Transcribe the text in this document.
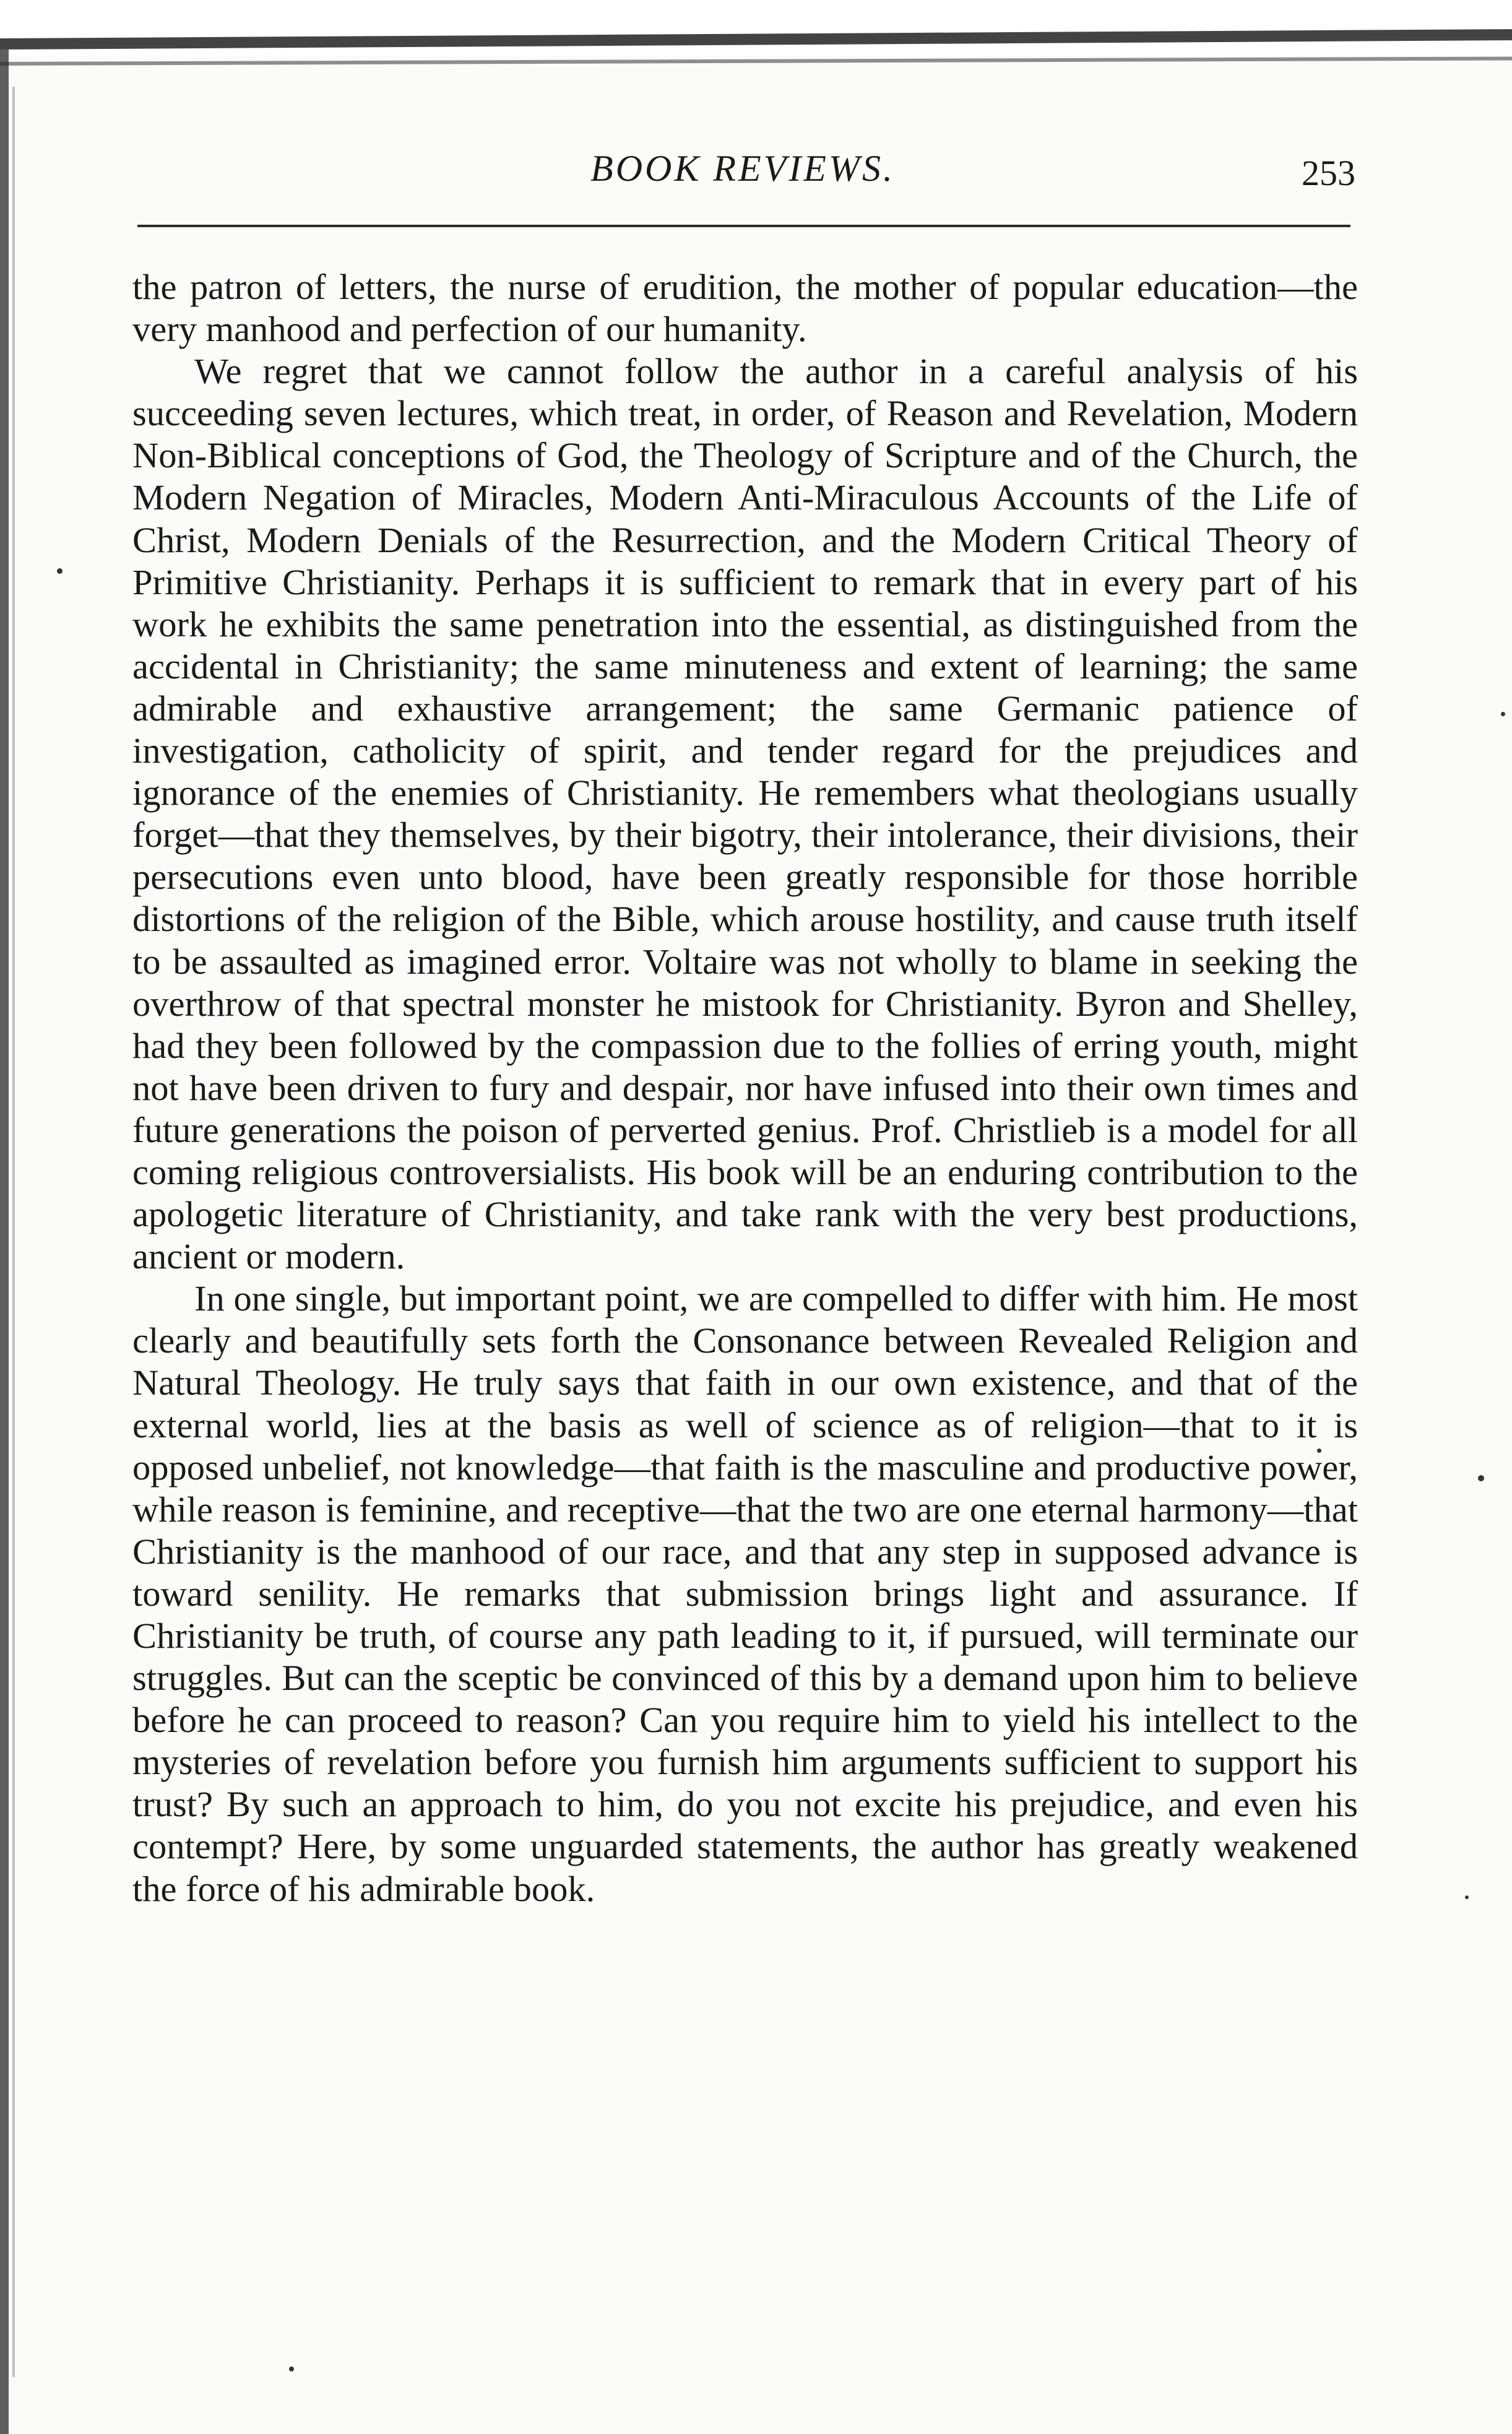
BOOK REVIEWS.	253

the patron of letters, the nurse of erudition, the mother of popular education—the very manhood and perfection of our humanity.

We regret that we cannot follow the author in a careful analysis of his succeeding seven lectures, which treat, in order, of Reason and Revelation, Modern Non-Biblical conceptions of God, the Theology of Scripture and of the Church, the Modern Negation of Miracles, Modern Anti-Miraculous Accounts of the Life of Christ, Modern Denials of the Resurrection, and the Modern Critical Theory of Primitive Christianity. Perhaps it is sufficient to remark that in every part of his work he exhibits the same penetration into the essential, as distinguished from the accidental in Christianity; the same minuteness and extent of learning; the same admirable and exhaustive arrangement; the same Germanic patience of investigation, catholicity of spirit, and tender regard for the prejudices and ignorance of the enemies of Christianity. He remembers what theologians usually forget—that they themselves, by their bigotry, their intolerance, their divisions, their persecutions even unto blood, have been greatly responsible for those horrible distortions of the religion of the Bible, which arouse hostility, and cause truth itself to be assaulted as imagined error. Voltaire was not wholly to blame in seeking the overthrow of that spectral monster he mistook for Christianity. Byron and Shelley, had they been followed by the compassion due to the follies of erring youth, might not have been driven to fury and despair, nor have infused into their own times and future generations the poison of perverted genius. Prof. Christlieb is a model for all coming religious controversialists. His book will be an enduring contribution to the apologetic literature of Christianity, and take rank with the very best productions, ancient or modern.

In one single, but important point, we are compelled to differ with him. He most clearly and beautifully sets forth the Consonance between Revealed Religion and Natural Theology. He truly says that faith in our own existence, and that of the external world, lies at the basis as well of science as of religion—that to it is opposed unbelief, not knowledge—that faith is the masculine and productive power, while reason is feminine, and receptive—that the two are one eternal harmony—that Christianity is the manhood of our race, and that any step in supposed advance is toward senility. He remarks that submission brings light and assurance. If Christianity be truth, of course any path leading to it, if pursued, will terminate our struggles. But can the sceptic be convinced of this by a demand upon him to believe before he can proceed to reason? Can you require him to yield his intellect to the mysteries of revelation before you furnish him arguments sufficient to support his trust? By such an approach to him, do you not excite his prejudice, and even his contempt? Here, by some unguarded statements, the author has greatly weakened the force of his admirable book.
